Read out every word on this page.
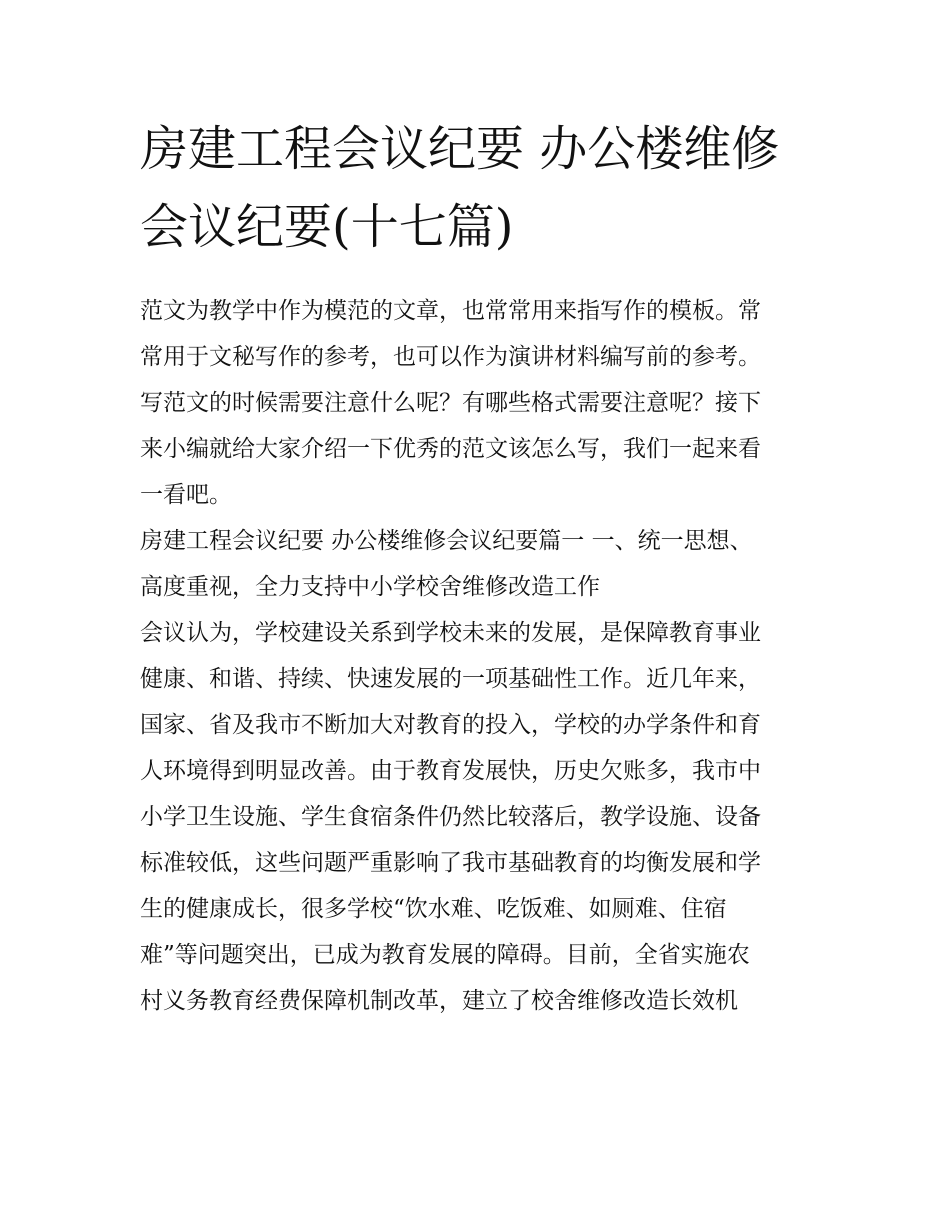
房建工程会议纪要 办公楼维修
会议纪要(十七篇)
范文为教学中作为模范的文章，也常常用来指写作的模板。常
常用于文秘写作的参考，也可以作为演讲材料编写前的参考。
写范文的时候需要注意什么呢？有哪些格式需要注意呢？接下
来小编就给大家介绍一下优秀的范文该怎么写，我们一起来看
一看吧。
房建工程会议纪要 办公楼维修会议纪要篇一 一、统一思想、
高度重视，全力支持中小学校舍维修改造工作
会议认为，学校建设关系到学校未来的发展，是保障教育事业
健康、和谐、持续、快速发展的一项基础性工作。近几年来，
国家、省及我市不断加大对教育的投入，学校的办学条件和育
人环境得到明显改善。由于教育发展快，历史欠账多，我市中
小学卫生设施、学生食宿条件仍然比较落后，教学设施、设备
标准较低，这些问题严重影响了我市基础教育的均衡发展和学
生的健康成长，很多学校“饮水难、吃饭难、如厕难、住宿
难”等问题突出，已成为教育发展的障碍。目前，全省实施农
村义务教育经费保障机制改革，建立了校舍维修改造长效机
